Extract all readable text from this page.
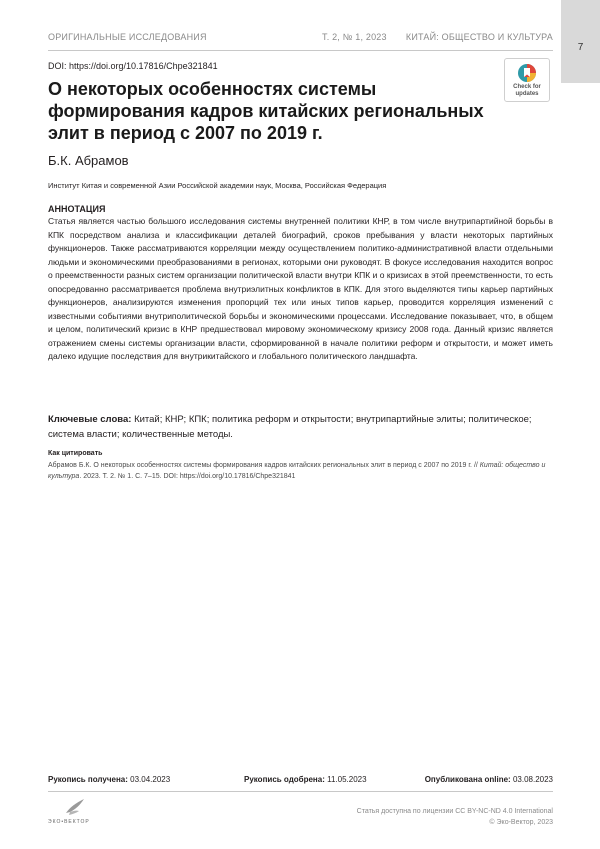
ОРИГИНАЛЬНЫЕ ИССЛЕДОВАНИЯ	Т. 2, № 1, 2023 КИТАЙ: ОБЩЕСТВО И КУЛЬТУРА
7
DOI: https://doi.org/10.17816/Chpe321841
Check for
updates
О некоторых особенностях системы формирования кадров китайских региональных элит в период с 2007 по 2019 г.
Б.К. Абрамов
Институт Китая и современной Азии Российской академии наук, Москва, Российская Федерация
АННОТАЦИЯ

Статья является частью большого исследования системы внутренней политики КНР, в том числе внутрипартийной борьбы в КПК посредством анализа и классификации деталей биографий, сроков пребывания у власти некоторых партийных функционеров. Также рассматриваются корреляции между осуществлением политико-административной власти отдельными людьми и экономическими преобразованиями в регионах, которыми они руководят. В фокусе исследования находится вопрос о преемственности разных систем организации политической власти внутри КПК и о кризисах в этой преемственности, то есть опосредованно рассматривается проблема внутриэлитных конфликтов в КПК. Для этого выделяются типы карьер партийных функционеров, анализируются изменения пропорций тех или иных типов карьер, проводится корреляция изменений с известными событиями внутриполитической борьбы и экономическими процессами. Исследование показывает, что, в общем и целом, политический кризис в КНР предшествовал мировому экономическому кризису 2008 года. Данный кризис является отражением смены системы организации власти, сформированной в начале политики реформ и открытости, и может иметь далеко идущие последствия для внутрикитайского и глобального политического ландшафта.

Ключевые слова: Китай; КНР; КПК; политика реформ и открытости; внутрипартийные элиты; политическое; система власти; количественные методы.

Как цитировать

Абрамов Б.К. О некоторых особенностях системы формирования кадров китайских региональных элит в период с 2007 по 2019 г. // Китай: общество и культура. 2023. Т. 2. № 1. С. 7–15. DOI: https://doi.org/10.17816/Chpe321841

Рукопись получена: 03.04.2023	Рукопись одобрена: 11.05.2023	Опубликована online: 03.08.2023
ЭКО•ВЕКТОР
Статья доступна по лицензии CC BY-NC-ND 4.0 International
© Эко-Вектор, 2023
